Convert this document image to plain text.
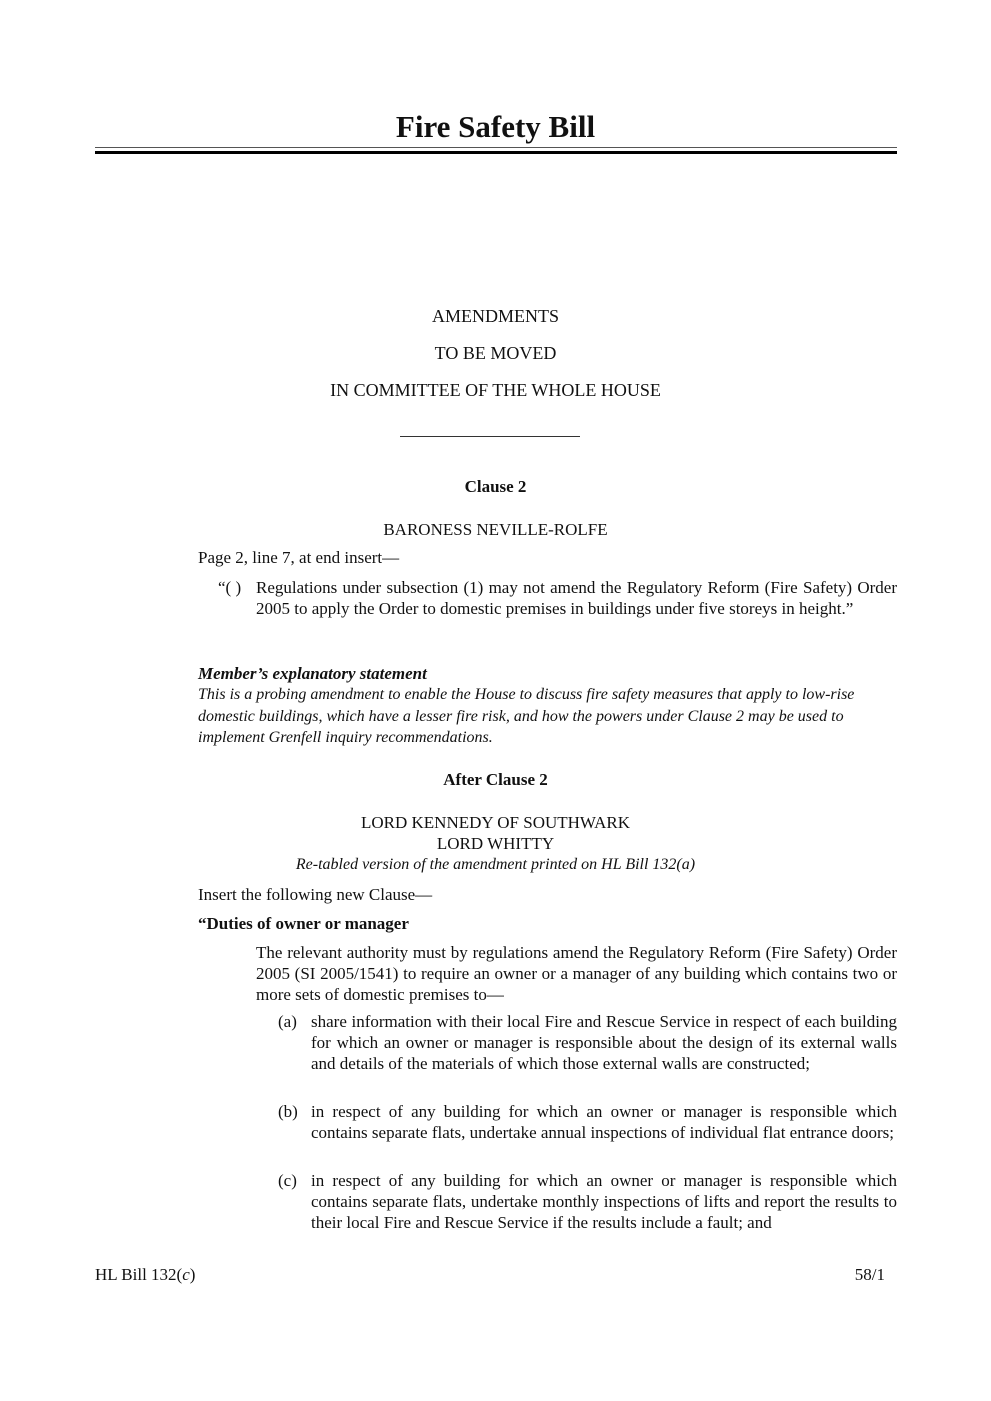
Fire Safety Bill
AMENDMENTS
TO BE MOVED
IN COMMITTEE OF THE WHOLE HOUSE
Clause 2
BARONESS NEVILLE-ROLFE
Page 2, line 7, at end insert—
“( ) Regulations under subsection (1) may not amend the Regulatory Reform (Fire Safety) Order 2005 to apply the Order to domestic premises in buildings under five storeys in height.”
Member’s explanatory statement
This is a probing amendment to enable the House to discuss fire safety measures that apply to low-rise domestic buildings, which have a lesser fire risk, and how the powers under Clause 2 may be used to implement Grenfell inquiry recommendations.
After Clause 2
LORD KENNEDY OF SOUTHWARK
LORD WHITTY
Re-tabled version of the amendment printed on HL Bill 132(a)
Insert the following new Clause—
“Duties of owner or manager
The relevant authority must by regulations amend the Regulatory Reform (Fire Safety) Order 2005 (SI 2005/1541) to require an owner or a manager of any building which contains two or more sets of domestic premises to—
(a) share information with their local Fire and Rescue Service in respect of each building for which an owner or manager is responsible about the design of its external walls and details of the materials of which those external walls are constructed;
(b) in respect of any building for which an owner or manager is responsible which contains separate flats, undertake annual inspections of individual flat entrance doors;
(c) in respect of any building for which an owner or manager is responsible which contains separate flats, undertake monthly inspections of lifts and report the results to their local Fire and Rescue Service if the results include a fault; and
HL Bill 132(c)	58/1
